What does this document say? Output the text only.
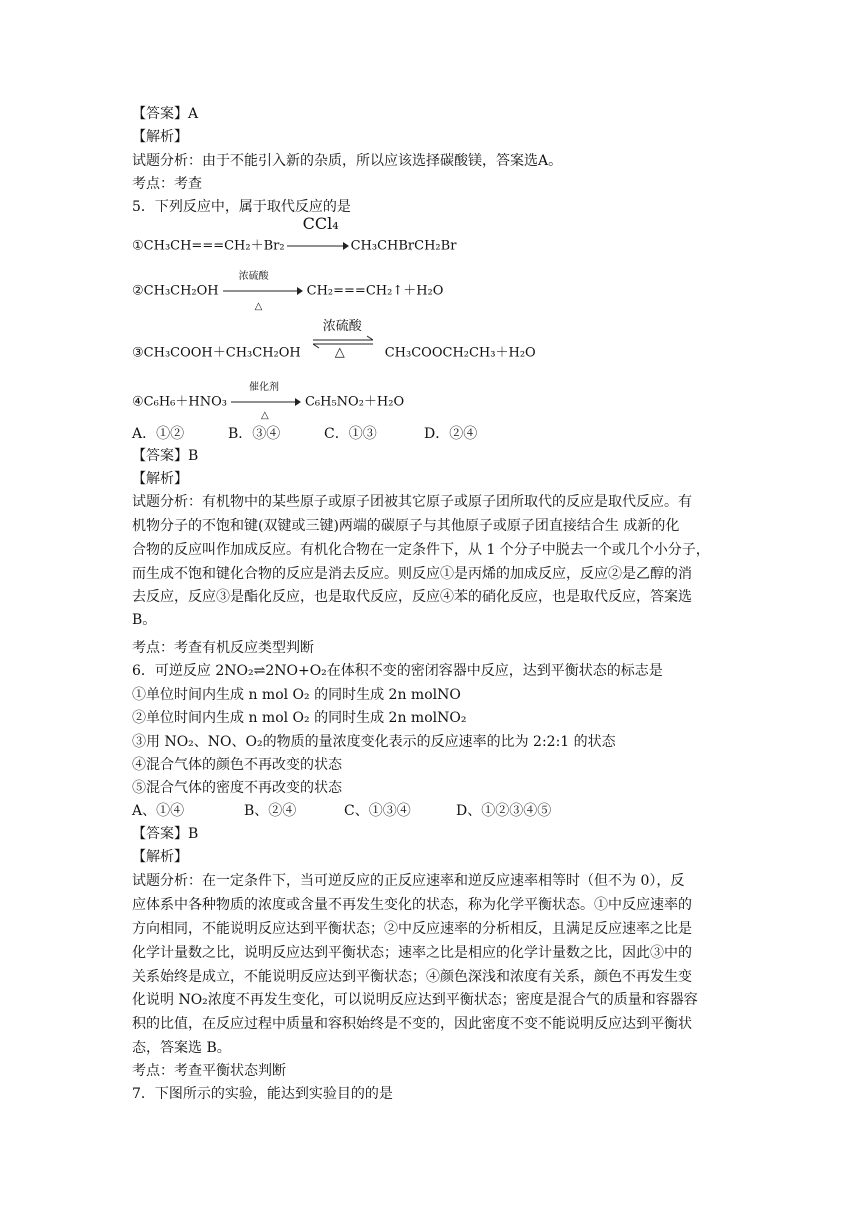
【答案】A
【解析】
试题分析：由于不能引入新的杂质，所以应该选择碳酸镁，答案选A。
考点：考查
5．下列反应中，属于取代反应的是
①CH₃CH===CH₂＋Br₂
CCl₄
CH₃CHBrCH₂Br
②CH₃CH₂OH
浓硫酸
△
CH₂===CH₂↑＋H₂O
③CH₃COOH＋CH₃CH₂OH
浓硫酸
△	CH₃COOCH₂CH₃＋H₂O
④C₆H₆＋HNO₃
催化剂
△
C₆H₅NO₂＋H₂O
A．①②	B．③④	C．①③	D．②④
【答案】B
【解析】
试题分析：有机物中的某些原子或原子团被其它原子或原子团所取代的反应是取代反应。有
机物分子的不饱和键(双键或三键)两端的碳原子与其他原子或原子团直接结合生 成新的化
合物的反应叫作加成反应。有机化合物在一定条件下，从 1 个分子中脱去一个或几个小分子，
而生成不饱和键化合物的反应是消去反应。则反应①是丙烯的加成反应，反应②是乙醇的消
去反应，反应③是酯化反应，也是取代反应，反应④苯的硝化反应，也是取代反应，答案选
B。
考点：考查有机反应类型判断
6．可逆反应 2NO₂⇌2NO+O₂在体积不变的密闭容器中反应，达到平衡状态的标志是
①单位时间内生成 n mol O₂ 的同时生成 2n molNO
②单位时间内生成 n mol O₂ 的同时生成 2n molNO₂
③用 NO₂、NO、O₂的物质的量浓度变化表示的反应速率的比为 2:2:1 的状态
④混合气体的颜色不再改变的状态
⑤混合气体的密度不再改变的状态
A、①④	B、②④	C、①③④	D、①②③④⑤
【答案】B
【解析】
试题分析：在一定条件下，当可逆反应的正反应速率和逆反应速率相等时（但不为 0），反
应体系中各种物质的浓度或含量不再发生变化的状态，称为化学平衡状态。①中反应速率的
方向相同，不能说明反应达到平衡状态；②中反应速率的分析相反，且满足反应速率之比是
化学计量数之比，说明反应达到平衡状态；速率之比是相应的化学计量数之比，因此③中的
关系始终是成立，不能说明反应达到平衡状态；④颜色深浅和浓度有关系，颜色不再发生变
化说明 NO₂浓度不再发生变化，可以说明反应达到平衡状态；密度是混合气的质量和容器容
积的比值，在反应过程中质量和容积始终是不变的，因此密度不变不能说明反应达到平衡状
态，答案选 B。
考点：考查平衡状态判断
7．下图所示的实验，能达到实验目的的是
